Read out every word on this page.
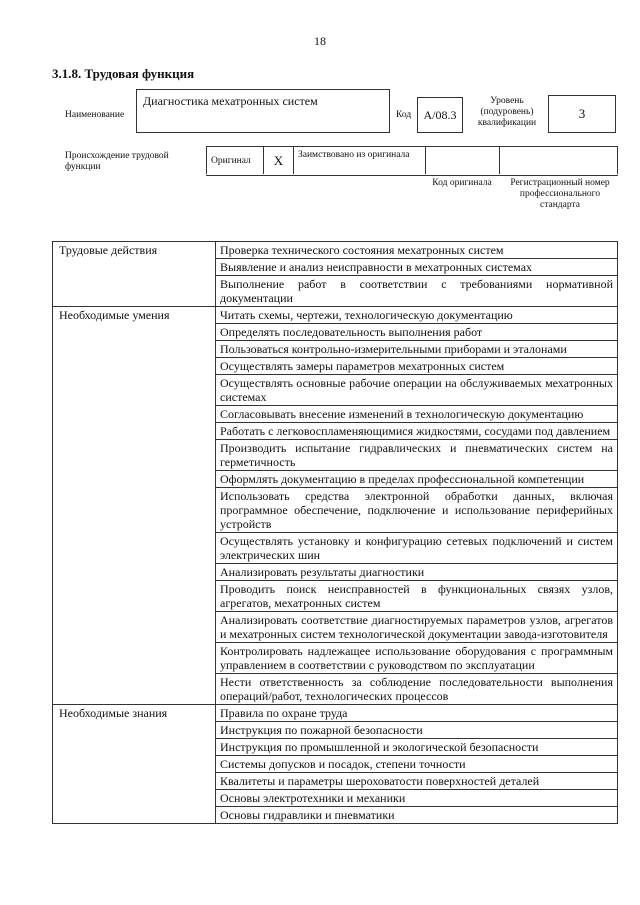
18
3.1.8. Трудовая функция
Наименование
Диагностика мехатронных систем
Код	A/08.3
Уровень (подуровень) квалификации
3
Происхождение трудовой функции
Оригинал	X	Заимствовано из оригинала
Код оригинала	Регистрационный номер профессионального стандарта
Трудовые действия	Проверка технического состояния мехатронных систем
	Выявление и анализ неисправности в мехатронных системах
	Выполнение работ в соответствии с требованиями нормативной документации
Необходимые умения	Читать схемы, чертежи, технологическую документацию
	Определять последовательность выполнения работ
	Пользоваться контрольно-измерительными приборами и эталонами
	Осуществлять замеры параметров мехатронных систем
	Осуществлять основные рабочие операции на обслуживаемых мехатронных системах
	Согласовывать внесение изменений в технологическую документацию
	Работать с легковоспламеняющимися жидкостями, сосудами под давлением
	Производить испытание гидравлических и пневматических систем на герметичность
	Оформлять документацию в пределах профессиональной компетенции
	Использовать средства электронной обработки данных, включая программное обеспечение, подключение и использование периферийных устройств
	Осуществлять установку и конфигурацию сетевых подключений и систем электрических шин
	Анализировать результаты диагностики
	Проводить поиск неисправностей в функциональных связях узлов, агрегатов, мехатронных систем
	Анализировать соответствие диагностируемых параметров узлов, агрегатов и мехатронных систем технологической документации завода-изготовителя
	Контролировать надлежащее использование оборудования с программным управлением в соответствии с руководством по эксплуатации
	Нести ответственность за соблюдение последовательности выполнения операций/работ, технологических процессов
Необходимые знания	Правила по охране труда
	Инструкция по пожарной безопасности
	Инструкция по промышленной и экологической безопасности
	Системы допусков и посадок, степени точности
	Квалитеты и параметры шероховатости поверхностей деталей
	Основы электротехники и механики
	Основы гидравлики и пневматики
